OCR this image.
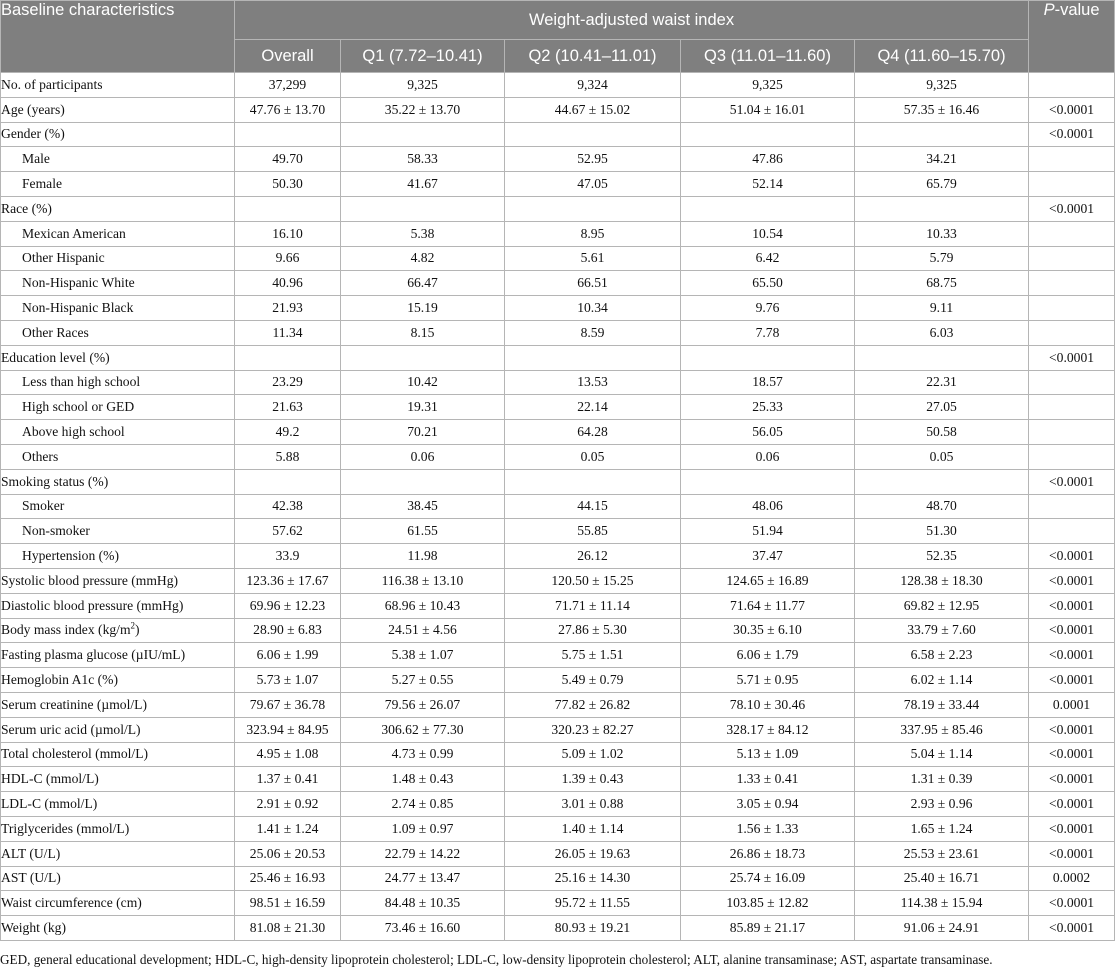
Baseline characteristics	Weight-adjusted waist index					P-value
	Overall	Q1 (7.72–10.41)	Q2 (10.41–11.01)	Q3 (11.01–11.60)	Q4 (11.60–15.70)	
No. of participants	37,299	9,325	9,324	9,325	9,325	
Age (years)	47.76 ± 13.70	35.22 ± 13.70	44.67 ± 15.02	51.04 ± 16.01	57.35 ± 16.46	<0.0001
Gender (%)						<0.0001
Male	49.70	58.33	52.95	47.86	34.21	
Female	50.30	41.67	47.05	52.14	65.79	
Race (%)						<0.0001
Mexican American	16.10	5.38	8.95	10.54	10.33	
Other Hispanic	9.66	4.82	5.61	6.42	5.79	
Non-Hispanic White	40.96	66.47	66.51	65.50	68.75	
Non-Hispanic Black	21.93	15.19	10.34	9.76	9.11	
Other Races	11.34	8.15	8.59	7.78	6.03	
Education level (%)						<0.0001
Less than high school	23.29	10.42	13.53	18.57	22.31	
High school or GED	21.63	19.31	22.14	25.33	27.05	
Above high school	49.2	70.21	64.28	56.05	50.58	
Others	5.88	0.06	0.05	0.06	0.05	
Smoking status (%)						<0.0001
Smoker	42.38	38.45	44.15	48.06	48.70	
Non-smoker	57.62	61.55	55.85	51.94	51.30	
Hypertension (%)	33.9	11.98	26.12	37.47	52.35	<0.0001
Systolic blood pressure (mmHg)	123.36 ± 17.67	116.38 ± 13.10	120.50 ± 15.25	124.65 ± 16.89	128.38 ± 18.30	<0.0001
Diastolic blood pressure (mmHg)	69.96 ± 12.23	68.96 ± 10.43	71.71 ± 11.14	71.64 ± 11.77	69.82 ± 12.95	<0.0001
Body mass index $(kg/m^2)$	28.90 ± 6.83	24.51 ± 4.56	27.86 ± 5.30	30.35 ± 6.10	33.79 ± 7.60	<0.0001
Fasting plasma glucose (µIU/mL)	6.06 ± 1.99	5.38 ± 1.07	5.75 ± 1.51	6.06 ± 1.79	6.58 ± 2.23	<0.0001
Hemoglobin A1c (%)	5.73 ± 1.07	5.27 ± 0.55	5.49 ± 0.79	5.71 ± 0.95	6.02 ± 1.14	<0.0001
Serum creatinine (µmol/L)	79.67 ± 36.78	79.56 ± 26.07	77.82 ± 26.82	78.10 ± 30.46	78.19 ± 33.44	0.0001
Serum uric acid (µmol/L)	323.94 ± 84.95	306.62 ± 77.30	320.23 ± 82.27	328.17 ± 84.12	337.95 ± 85.46	<0.0001
Total cholesterol (mmol/L)	4.95 ± 1.08	4.73 ± 0.99	5.09 ± 1.02	5.13 ± 1.09	5.04 ± 1.14	<0.0001
HDL-C (mmol/L)	1.37 ± 0.41	1.48 ± 0.43	1.39 ± 0.43	1.33 ± 0.41	1.31 ± 0.39	<0.0001
LDL-C (mmol/L)	2.91 ± 0.92	2.74 ± 0.85	3.01 ± 0.88	3.05 ± 0.94	2.93 ± 0.96	<0.0001
Triglycerides (mmol/L)	1.41 ± 1.24	1.09 ± 0.97	1.40 ± 1.14	1.56 ± 1.33	1.65 ± 1.24	<0.0001
ALT (U/L)	25.06 ± 20.53	22.79 ± 14.22	26.05 ± 19.63	26.86 ± 18.73	25.53 ± 23.61	<0.0001
AST (U/L)	25.46 ± 16.93	24.77 ± 13.47	25.16 ± 14.30	25.74 ± 16.09	25.40 ± 16.71	0.0002
Waist circumference (cm)	98.51 ± 16.59	84.48 ± 10.35	95.72 ± 11.55	103.85 ± 12.82	114.38 ± 15.94	<0.0001
Weight (kg)	81.08 ± 21.30	73.46 ± 16.60	80.93 ± 19.21	85.89 ± 21.17	91.06 ± 24.91	<0.0001
GED, general educational development; HDL-C, high-density lipoprotein cholesterol; LDL-C, low-density lipoprotein cholesterol; ALT, alanine transaminase; AST, aspartate transaminase.
